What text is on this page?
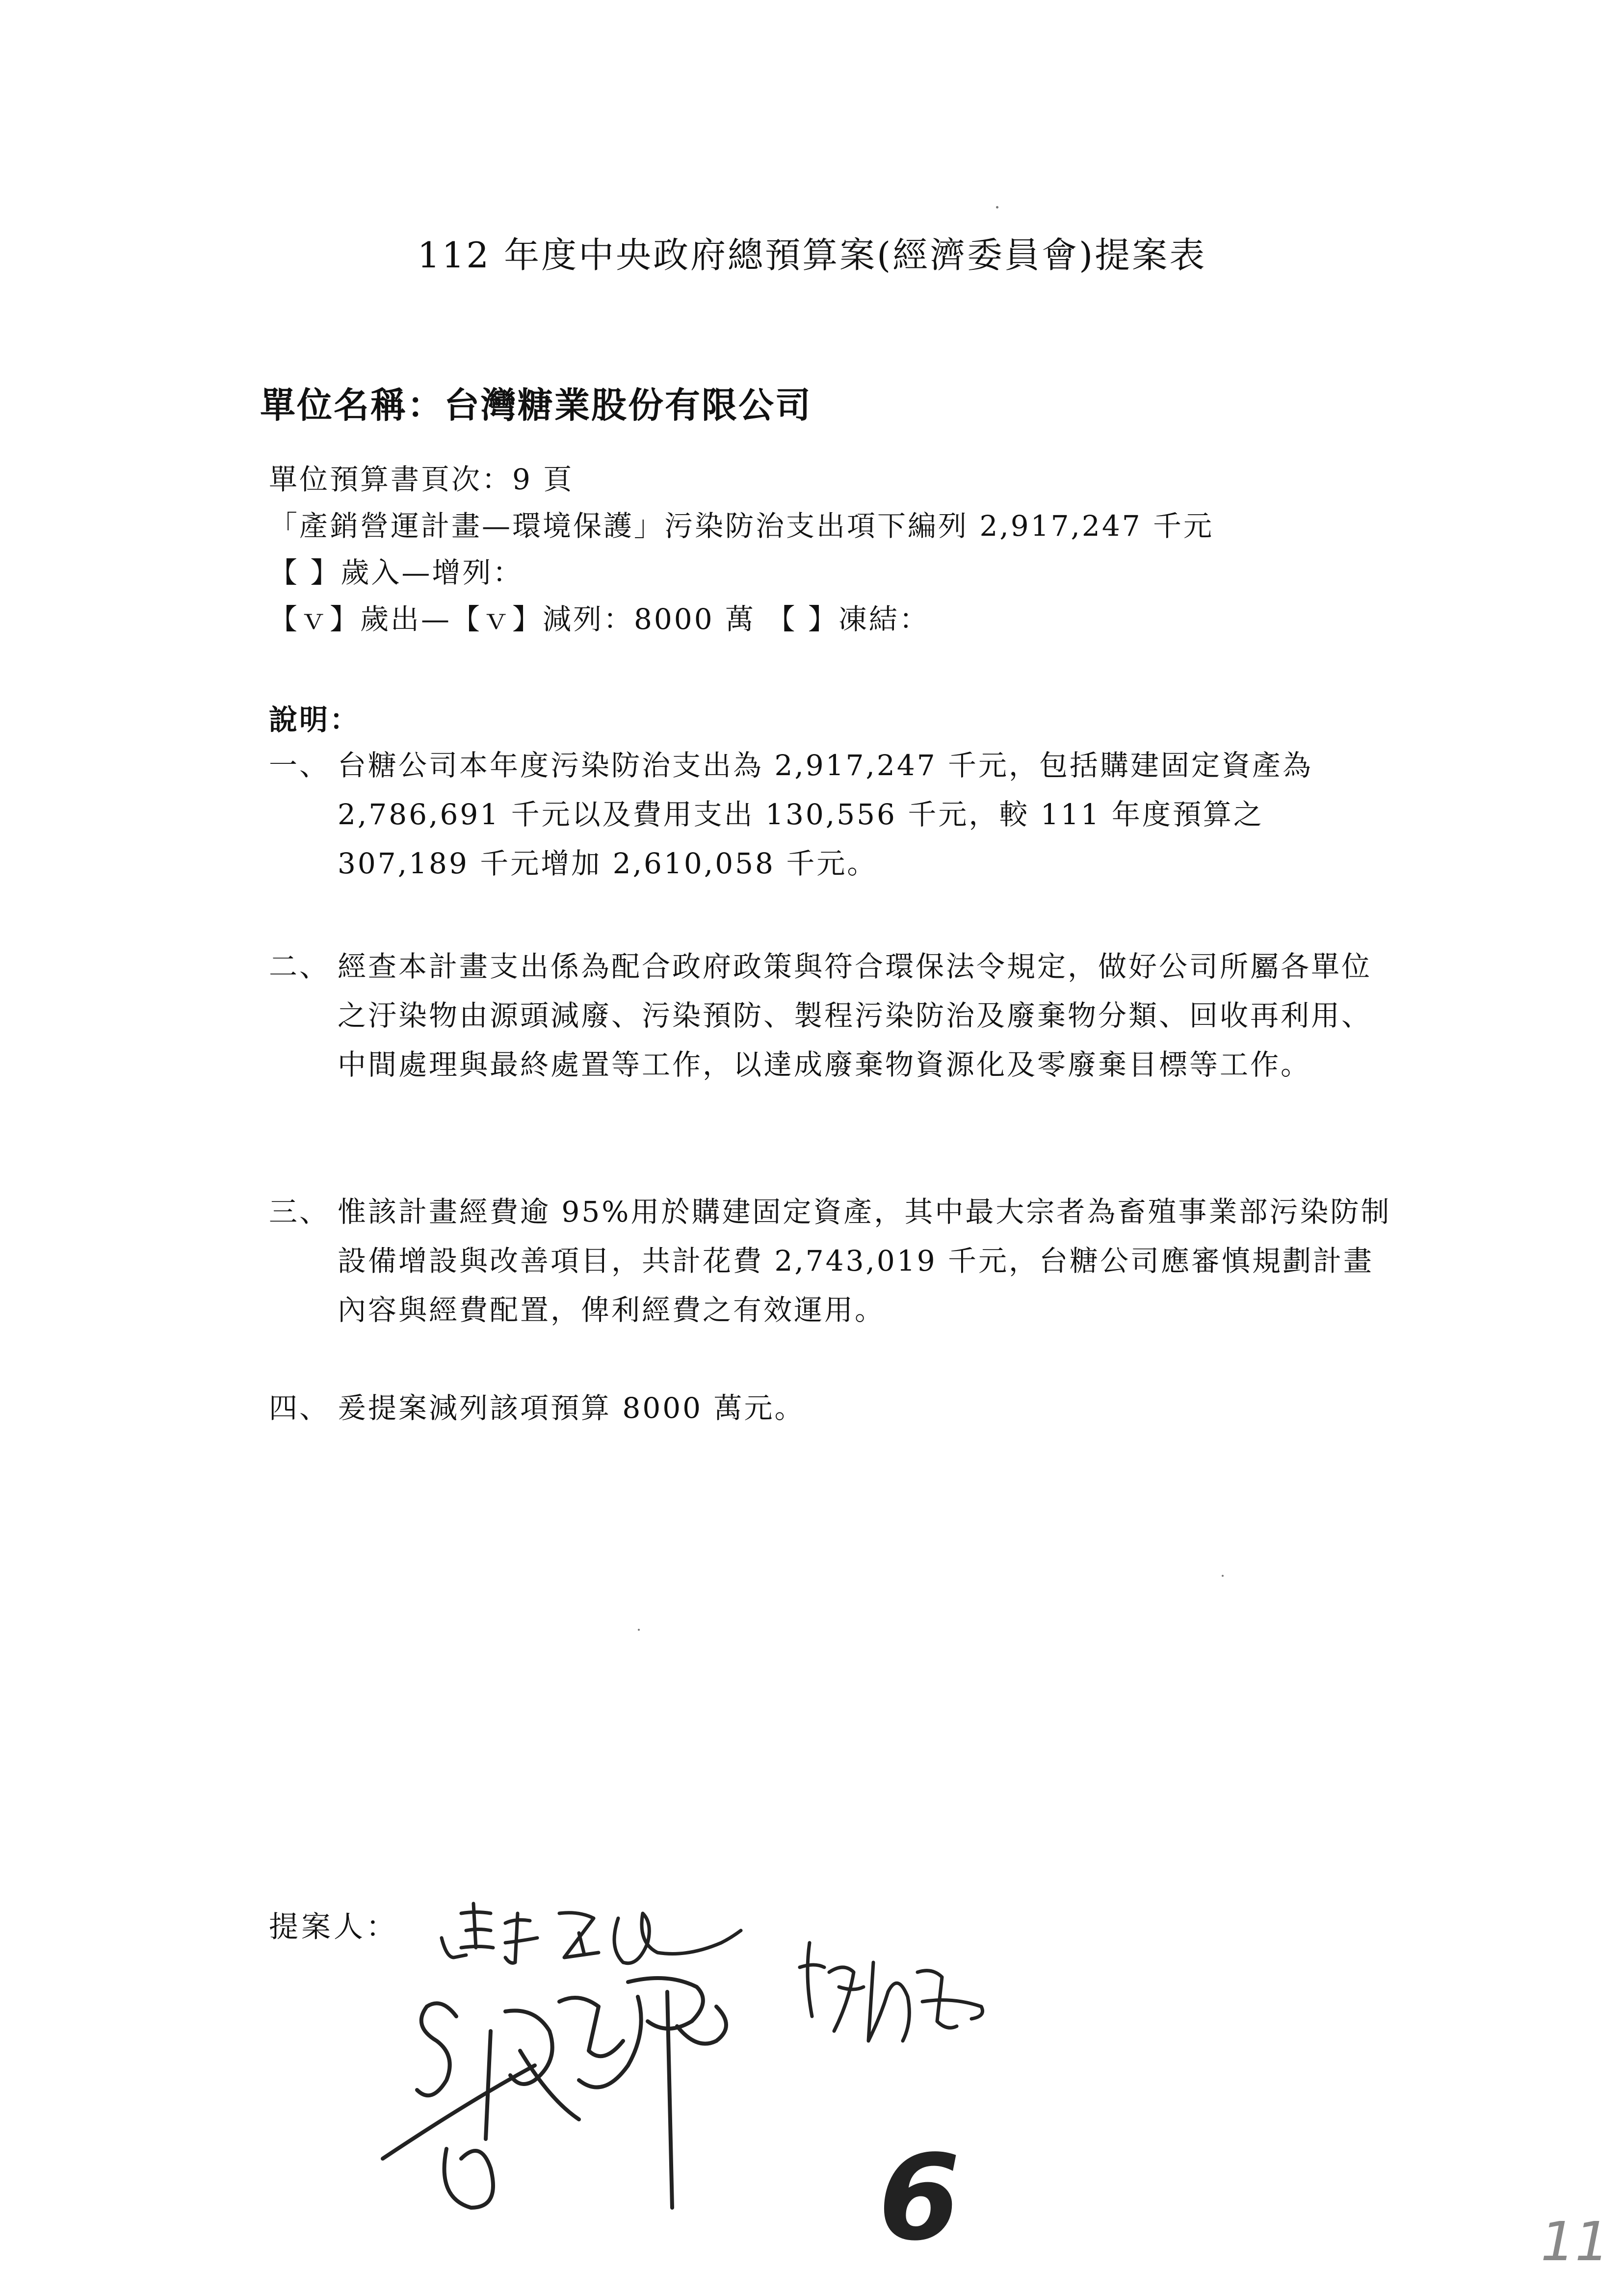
112 年度中央政府總預算案(經濟委員會)提案表
單位名稱：台灣糖業股份有限公司
單位預算書頁次：9 頁
「產銷營運計畫—環境保護」污染防治支出項下編列 2,917,247 千元
【 】歲入—增列：
【ｖ】歲出—【ｖ】減列：8000 萬 【 】凍結：
說明：
一、 台糖公司本年度污染防治支出為 2,917,247 千元，包括購建固定資產為 2,786,691 千元以及費用支出 130,556 千元，較 111 年度預算之 307,189 千元增加 2,610,058 千元。
二、 經查本計畫支出係為配合政府政策與符合環保法令規定，做好公司所屬各單位之汙染物由源頭減廢、污染預防、製程污染防治及廢棄物分類、回收再利用、中間處理與最終處置等工作，以達成廢棄物資源化及零廢棄目標等工作。
三、 惟該計畫經費逾 95%用於購建固定資產，其中最大宗者為畜殖事業部污染防制設備增設與改善項目，共計花費 2,743,019 千元，台糖公司應審慎規劃計畫內容與經費配置，俾利經費之有效運用。
四、 爰提案減列該項預算 8000 萬元。
提案人：
6	11
